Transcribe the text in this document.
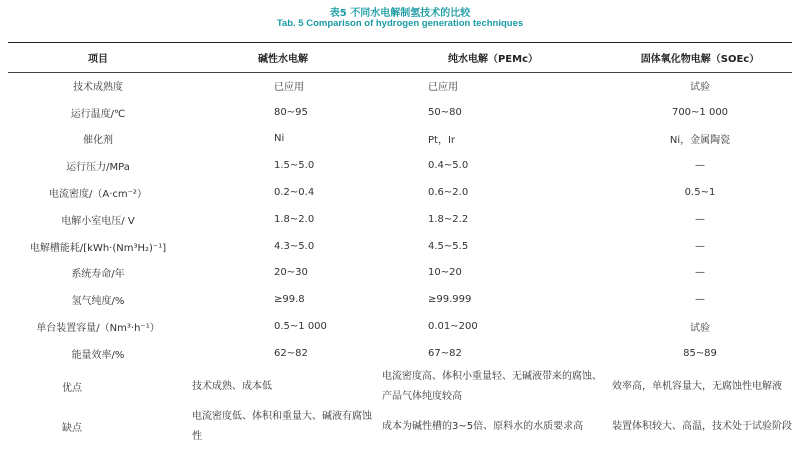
表5 不同水电解制氢技术的比较
Tab. 5 Comparison of hydrogen generation techniques
项目	碱性水电解	纯水电解（PEMc）	固体氧化物电解（SOEc）
技术成熟度	已应用	已应用	试验
运行温度/℃	80~95	50~80	700~1 000
催化剂	Ni	Pt，Ir	Ni，金属陶瓷
运行压力/MPa	1.5~5.0	0.4~5.0	—
电流密度/（A·cm⁻²）	0.2~0.4	0.6~2.0	0.5~1
电解小室电压/ V	1.8~2.0	1.8~2.2	—
电解槽能耗/[kWh·(Nm³H₂)⁻¹]	4.3~5.0	4.5~5.5	—
系统寿命/年	20~30	10~20	—
氢气纯度/%	≥99.8	≥99.999	—
单台装置容量/（Nm³·h⁻¹）	0.5~1 000	0.01~200	试验
能量效率/%	62~82	67~82	85~89
优点	技术成熟、成本低	电流密度高、体积小重量轻、无碱液带来的腐蚀、产品气体纯度较高	效率高，单机容量大，无腐蚀性电解液
缺点	电流密度低、体积和重量大、碱液有腐蚀性	成本为碱性槽的3~5倍、原料水的水质要求高	装置体积较大、高温，技术处于试验阶段
